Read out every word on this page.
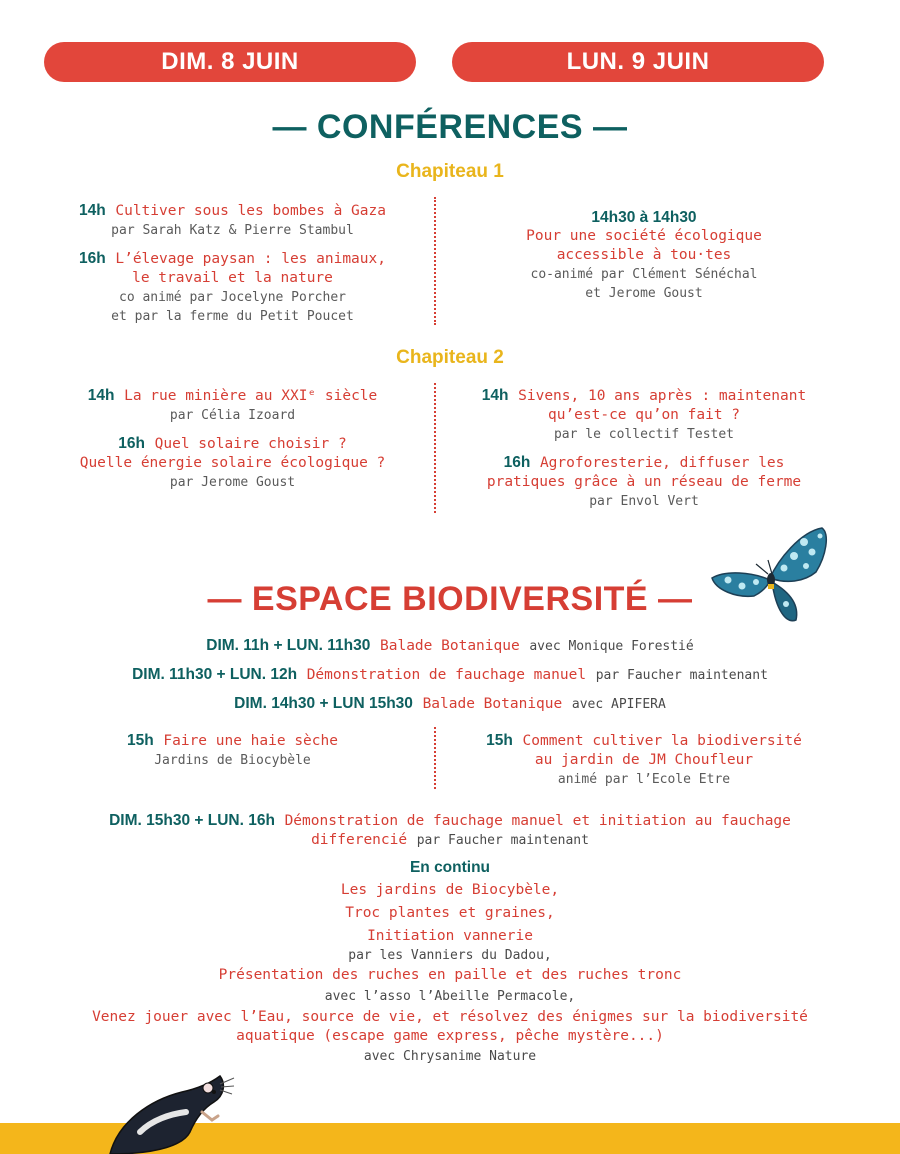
DIM. 8 JUIN	LUN. 9 JUIN
— CONFÉRENCES —
Chapiteau 1
14h Cultiver sous les bombes à Gaza
par Sarah Katz & Pierre Stambul
16h L’élevage paysan : les animaux,
le travail et la nature
co animé par Jocelyne Porcher
et par la ferme du Petit Poucet
14h30 à 14h30
Pour une société écologique
accessible à tou·tes
co-animé par Clément Sénéchal
et Jerome Goust
Chapiteau 2
14h La rue minière au XXIᵉ siècle
par Célia Izoard
16h Quel solaire choisir ?
Quelle énergie solaire écologique ?
par Jerome Goust
14h Sivens, 10 ans après : maintenant
qu’est-ce qu’on fait ?
par le collectif Testet
16h Agroforesterie, diffuser les
pratiques grâce à un réseau de ferme
par Envol Vert
— ESPACE BIODIVERSITÉ —
DIM. 11h + LUN. 11h30 Balade Botanique avec Monique Forestié
DIM. 11h30 + LUN. 12h Démonstration de fauchage manuel par Faucher maintenant
DIM. 14h30 + LUN 15h30 Balade Botanique avec APIFERA
15h Faire une haie sèche
Jardins de Biocybèle
15h Comment cultiver la biodiversité
au jardin de JM Choufleur
animé par l’Ecole Etre
DIM. 15h30 + LUN. 16h Démonstration de fauchage manuel et initiation au fauchage
differencié par Faucher maintenant
En continu
Les jardins de Biocybèle,
Troc plantes et graines,
Initiation vannerie
par les Vanniers du Dadou,
Présentation des ruches en paille et des ruches tronc
avec l’asso l’Abeille Permacole,
Venez jouer avec l’Eau, source de vie, et résolvez des énigmes sur la biodiversité
aquatique (escape game express, pêche mystère...)
avec Chrysanime Nature
